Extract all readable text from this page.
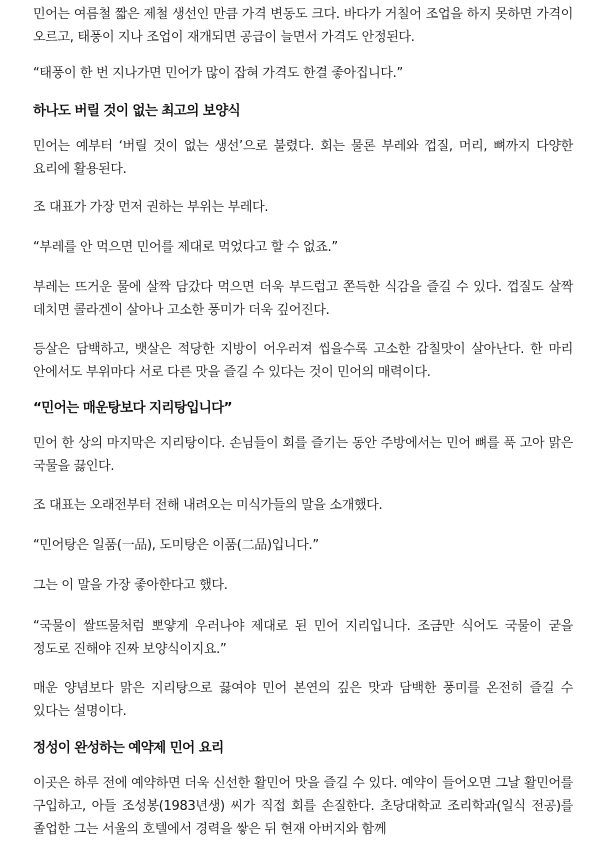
민어는 여름철 짧은 제철 생선인 만큼 가격 변동도 크다. 바다가 거칠어 조업을 하지 못하면 가격이 오르고, 태풍이 지나 조업이 재개되면 공급이 늘면서 가격도 안정된다.

“태풍이 한 번 지나가면 민어가 많이 잡혀 가격도 한결 좋아집니다.”

하나도 버릴 것이 없는 최고의 보양식

민어는 예부터 ‘버릴 것이 없는 생선’으로 불렸다. 회는 물론 부레와 껍질, 머리, 뼈까지 다양한 요리에 활용된다.

조 대표가 가장 먼저 권하는 부위는 부레다.

“부레를 안 먹으면 민어를 제대로 먹었다고 할 수 없죠.”

부레는 뜨거운 물에 살짝 담갔다 먹으면 더욱 부드럽고 쫀득한 식감을 즐길 수 있다. 껍질도 살짝 데치면 콜라겐이 살아나 고소한 풍미가 더욱 깊어진다.

등살은 담백하고, 뱃살은 적당한 지방이 어우러져 씹을수록 고소한 감칠맛이 살아난다. 한 마리 안에서도 부위마다 서로 다른 맛을 즐길 수 있다는 것이 민어의 매력이다.

“민어는 매운탕보다 지리탕입니다”

민어 한 상의 마지막은 지리탕이다. 손님들이 회를 즐기는 동안 주방에서는 민어 뼈를 푹 고아 맑은 국물을 끓인다.

조 대표는 오래전부터 전해 내려오는 미식가들의 말을 소개했다.

“민어탕은 일품(一品), 도미탕은 이품(二品)입니다.”

그는 이 말을 가장 좋아한다고 했다.

“국물이 쌀뜨물처럼 뽀얗게 우러나야 제대로 된 민어 지리입니다. 조금만 식어도 국물이 굳을 정도로 진해야 진짜 보양식이지요.”

매운 양념보다 맑은 지리탕으로 끓여야 민어 본연의 깊은 맛과 담백한 풍미를 온전히 즐길 수 있다는 설명이다.

정성이 완성하는 예약제 민어 요리

이곳은 하루 전에 예약하면 더욱 신선한 활민어 맛을 즐길 수 있다. 예약이 들어오면 그날 활민어를 구입하고, 아들 조성봉(1983년생) 씨가 직접 회를 손질한다. 초당대학교 조리학과(일식 전공)를 졸업한 그는 서울의 호텔에서 경력을 쌓은 뒤 현재 아버지와 함께
